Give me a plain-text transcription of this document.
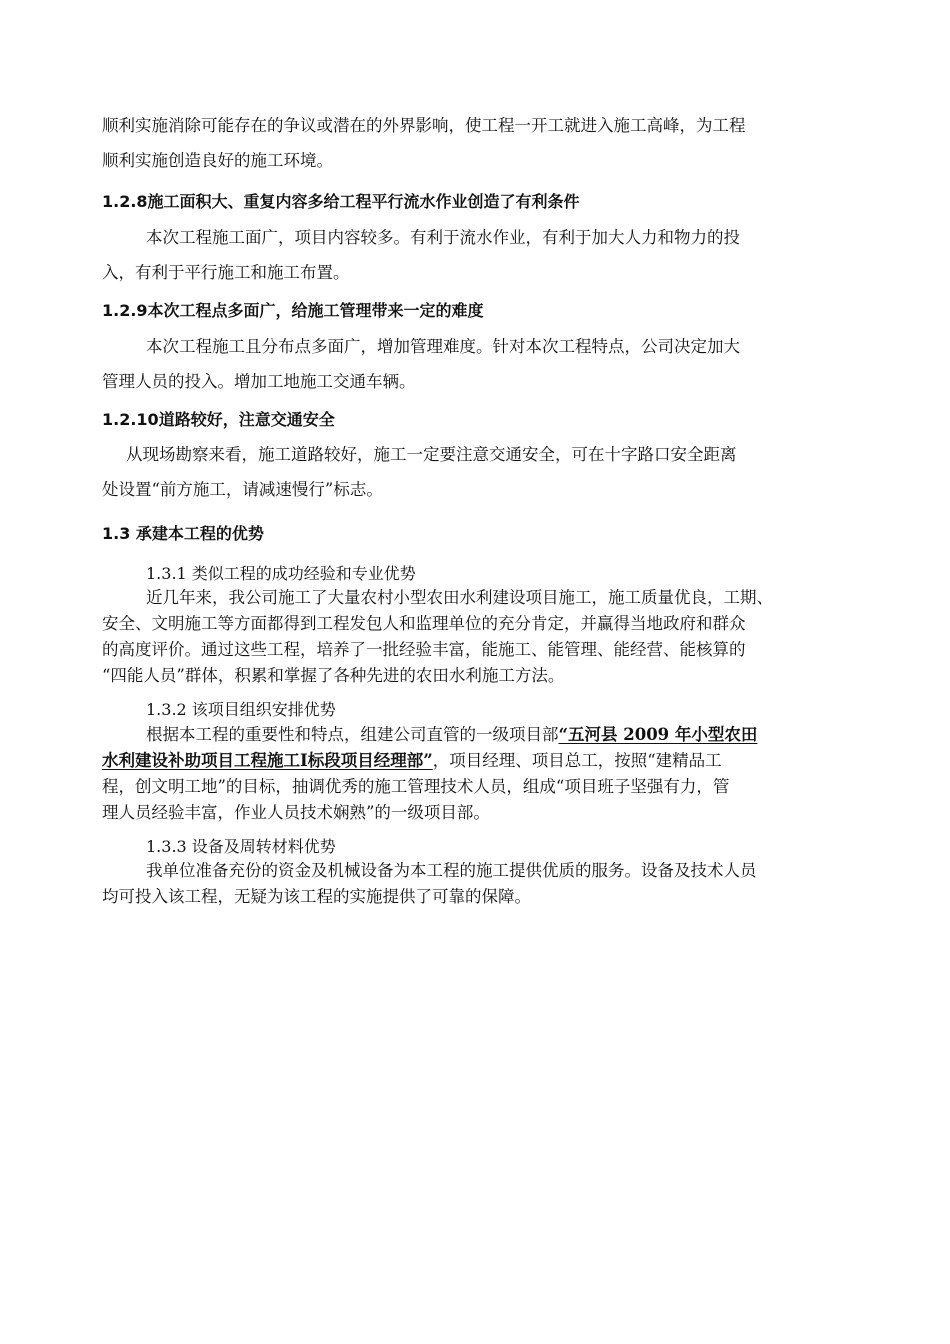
顺利实施消除可能存在的争议或潜在的外界影响，使工程一开工就进入施工高峰，为工程
顺利实施创造良好的施工环境。
1.2.8施工面积大、重复内容多给工程平行流水作业创造了有利条件
本次工程施工面广，项目内容较多。有利于流水作业，有利于加大人力和物力的投
入，有利于平行施工和施工布置。
1.2.9本次工程点多面广，给施工管理带来一定的难度
本次工程施工且分布点多面广，增加管理难度。针对本次工程特点，公司决定加大
管理人员的投入。增加工地施工交通车辆。
1.2.10道路较好，注意交通安全
从现场勘察来看，施工道路较好，施工一定要注意交通安全，可在十字路口安全距离
处设置“前方施工，请减速慢行”标志。
1.3 承建本工程的优势
1.3.1 类似工程的成功经验和专业优势
近几年来，我公司施工了大量农村小型农田水利建设项目施工，施工质量优良，工期、
安全、文明施工等方面都得到工程发包人和监理单位的充分肯定，并赢得当地政府和群众
的高度评价。通过这些工程，培养了一批经验丰富，能施工、能管理、能经营、能核算的
“四能人员”群体，积累和掌握了各种先进的农田水利施工方法。
1.3.2 该项目组织安排优势
根据本工程的重要性和特点，组建公司直管的一级项目部“五河县 2009 年小型农田
水利建设补助项目工程施工Ⅰ标段项目经理部”，项目经理、项目总工，按照“建精品工
程，创文明工地”的目标，抽调优秀的施工管理技术人员，组成“项目班子坚强有力，管
理人员经验丰富，作业人员技术娴熟”的一级项目部。
1.3.3 设备及周转材料优势
我单位准备充份的资金及机械设备为本工程的施工提供优质的服务。设备及技术人员
均可投入该工程，无疑为该工程的实施提供了可靠的保障。
